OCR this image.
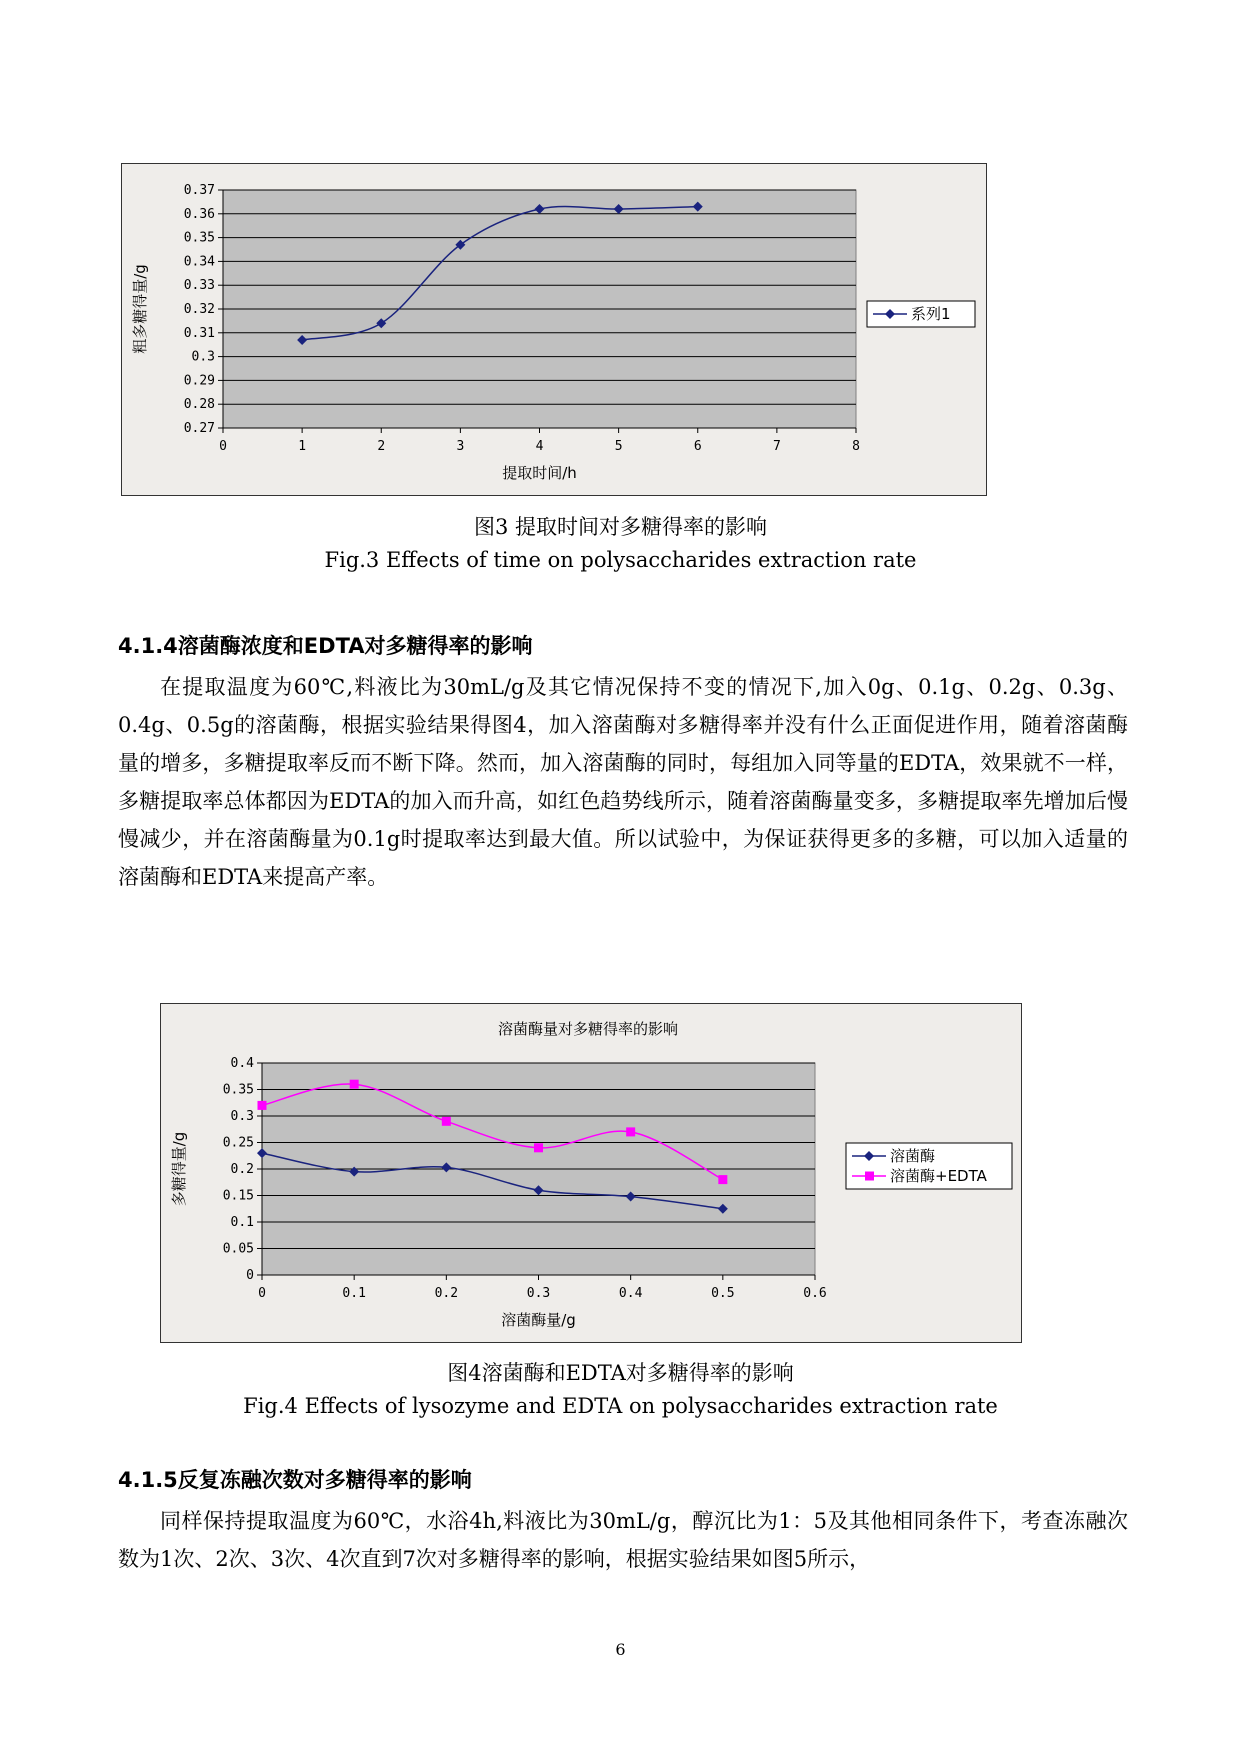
0.37
0.36
0.35
0.34
0.33
0.32
0.31
0.3
0.29
0.28
0.27
0	1	2	3	4	5	6	7	8
提取时间/h
粗多糖得量/g	系列1
图3 提取时间对多糖得率的影响
Fig.3 Effects of time on polysaccharides extraction rate
4.1.4溶菌酶浓度和EDTA对多糖得率的影响
在提取温度为60℃,料液比为30mL/g及其它情况保持不变的情况下,加入0g、0.1g、0.2g、0.3g、0.4g、0.5g的溶菌酶，根据实验结果得图4，加入溶菌酶对多糖得率并没有什么正面促进作用，随着溶菌酶量的增多，多糖提取率反而不断下降。然而，加入溶菌酶的同时，每组加入同等量的EDTA，效果就不一样，多糖提取率总体都因为EDTA的加入而升高，如红色趋势线所示，随着溶菌酶量变多，多糖提取率先增加后慢慢减少，并在溶菌酶量为0.1g时提取率达到最大值。所以试验中，为保证获得更多的多糖，可以加入适量的溶菌酶和EDTA来提高产率。
溶菌酶量对多糖得率的影响
0.4
0.35
0.3
0.25
0.2
0.15
0.1
0.05
0
0	0.1	0.2	0.3	0.4	0.5	0.6
溶菌酶量/g
多糖得量/g	溶菌酶
溶菌酶+EDTA
图4溶菌酶和EDTA对多糖得率的影响
Fig.4 Effects of lysozyme and EDTA on polysaccharides extraction rate
4.1.5反复冻融次数对多糖得率的影响
同样保持提取温度为60℃，水浴4h,料液比为30mL/g，醇沉比为1：5及其他相同条件下，考查冻融次数为1次、2次、3次、4次直到7次对多糖得率的影响，根据实验结果如图5所示，
6
